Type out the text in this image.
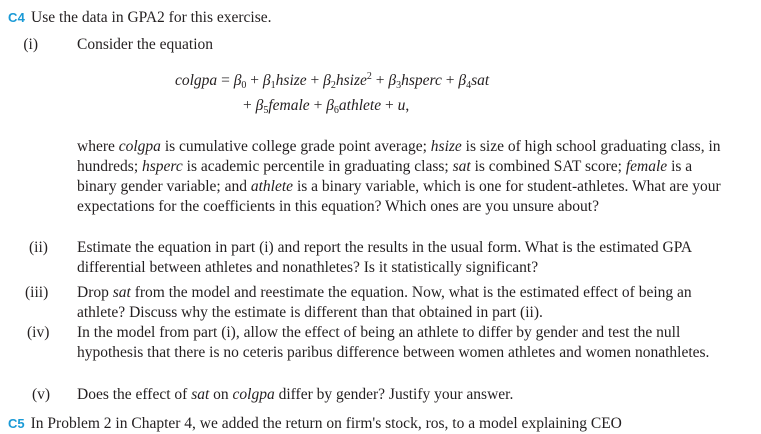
C4 Use the data in GPA2 for this exercise.
(i)	Consider the equation

colgpa = $\beta_0$ + $\beta_1hsize$ + $\beta_2hsize^2$ + $\beta_3hsperc + \beta_4sat$
+ $\beta_5female$ + $\beta_6athlete + u$,

where colgpa is cumulative college grade point average; hsize is size of high school graduating class, in hundreds; hsperc is academic percentile in graduating class; sat is combined SAT score; female is a binary gender variable; and athlete is a binary variable, which is one for student-athletes. What are your expectations for the coefficients in this equation? Which ones are you unsure about?

(ii) Estimate the equation in part (i) and report the results in the usual form. What is the estimated GPA differential between athletes and nonathletes? Is it statistically significant?

(iii) Drop sat from the model and reestimate the equation. Now, what is the estimated effect of being an athlete? Discuss why the estimate is different than that obtained in part (ii).

(iv) In the model from part (i), allow the effect of being an athlete to differ by gender and test the null hypothesis that there is no ceteris paribus difference between women athletes and women nonathletes.

(v) Does the effect of sat on colgpa differ by gender? Justify your answer.

C5 In Problem 2 in Chapter 4, we added the return on firm's stock, ros, to a model explaining CEO
